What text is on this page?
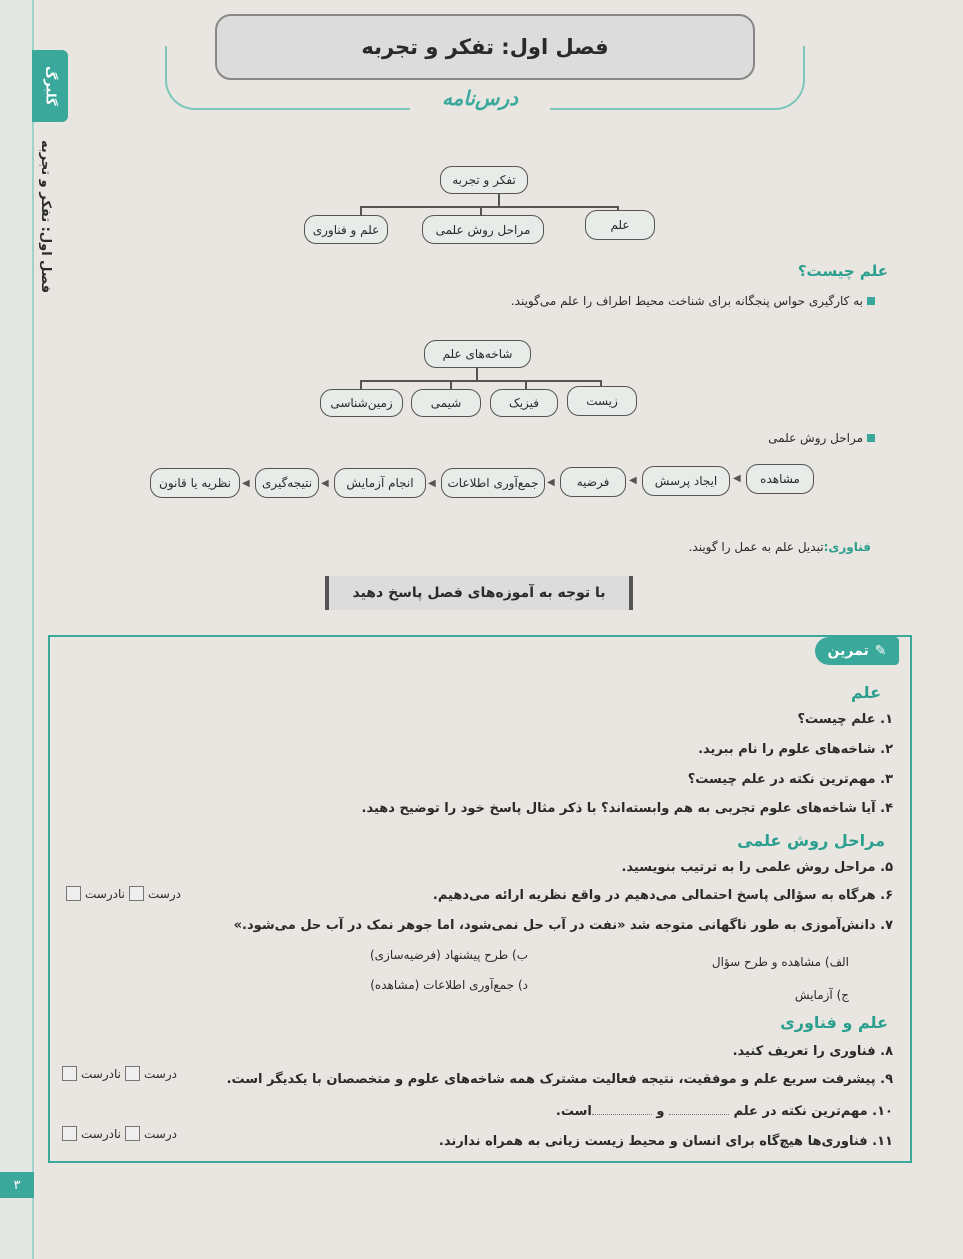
گلبرگ
فصل اول: تفکر و تجربه
۳
فصل اول: تفکر و تجربه
درس‌نامه
تفکر و تجربه
علم
مراحل روش علمی
علم و فناوری
علم چیست؟
به کارگیری حواس پنجگانه برای شناخت محیط اطراف را علم می‌گویند.
شاخه‌های علم
زیست
فیزیک
شیمی
زمین‌شناسی
مراحل روش علمی
مشاهده
◀
ایجاد پرسش
◀
فرضیه
◀
جمع‌آوری اطلاعات
◀
انجام آزمایش
◀
نتیجه‌گیری
◀
نظریه یا قانون
فناوری:تبدیل علم به عمل را گویند.
با توجه به آموزه‌های فصل پاسخ دهید
✎
تمرین
علم
۱. علم چیست؟
۲. شاخه‌های علوم را نام ببرید.
۳. مهم‌ترین نکته در علم چیست؟
۴. آیا شاخه‌های علوم تجربی به هم وابسته‌اند؟ با ذکر مثال پاسخ خود را توضیح دهید.
مراحل روش علمی
۵. مراحل روش علمی را به ترتیب بنویسید.
۶. هرگاه به سؤالی پاسخ احتمالی می‌دهیم در واقع نظریه ارائه می‌دهیم.
درست
نادرست
۷. دانش‌آموزی به طور ناگهانی متوجه شد «نفت در آب حل نمی‌شود، اما جوهر نمک در آب حل می‌شود.»
الف) مشاهده و طرح سؤال
ب) طرح پیشنهاد (فرضیه‌سازی)
ج) آزمایش
د) جمع‌آوری اطلاعات (مشاهده)
علم و فناوری
۸. فناوری را تعریف کنید.
۹. پیشرفت سریع علم و موفقیت، نتیجه فعالیت مشترک همه شاخه‌های علوم و متخصصان با یکدیگر است.
درست
نادرست
۱۰. مهم‌ترین نکته در علم  و است.
۱۱. فناوری‌ها هیچ‌گاه برای انسان و محیط زیست زیانی به همراه ندارند.
درست
نادرست
